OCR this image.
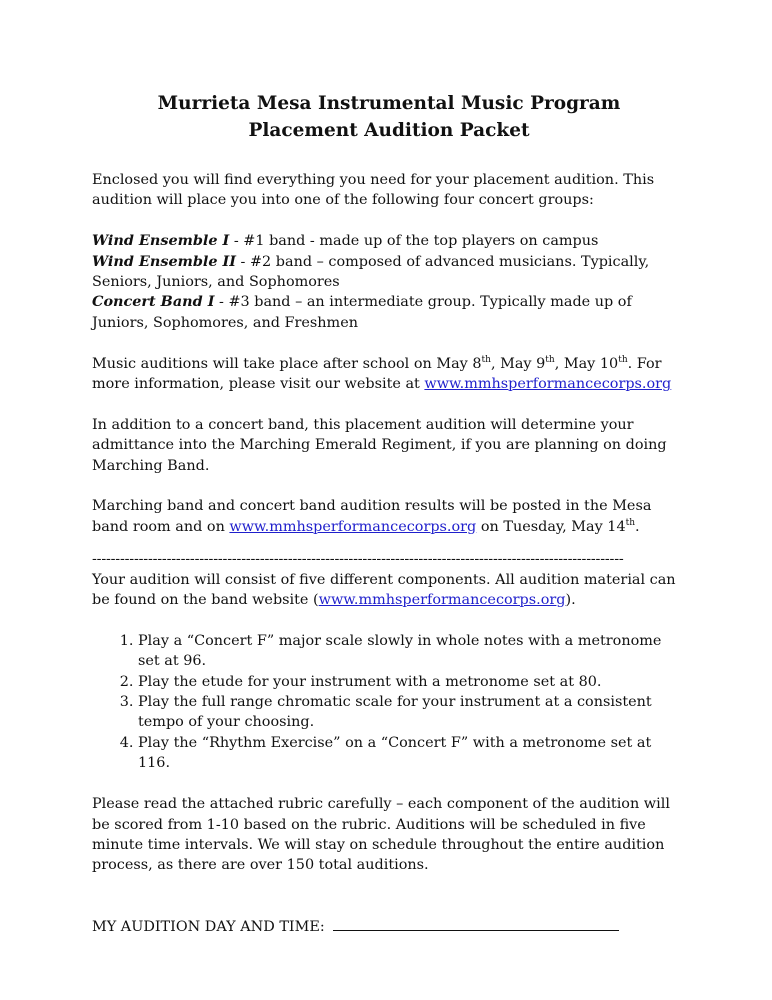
Murrieta Mesa Instrumental Music Program
Placement Audition Packet

Enclosed you will find everything you need for your placement audition. This audition will place you into one of the following four concert groups:

Wind Ensemble I - #1 band - made up of the top players on campus

Wind Ensemble II - #2 band – composed of advanced musicians. Typically, Seniors, Juniors, and Sophomores

Concert Band I - #3 band – an intermediate group. Typically made up of Juniors, Sophomores, and Freshmen

Music auditions will take place after school on May 8th, May 9th, May 10th. For more information, please visit our website at www.mmhsperformancecorps.org

In addition to a concert band, this placement audition will determine your admittance into the Marching Emerald Regiment, if you are planning on doing Marching Band.

Marching band and concert band audition results will be posted in the Mesa band room and on www.mmhsperformancecorps.org on Tuesday, May 14th.

------------------------------------------------------------------------------------------------------------------

Your audition will consist of five different components. All audition material can be found on the band website (www.mmhsperformancecorps.org).

1. Play a “Concert F” major scale slowly in whole notes with a metronome set at 96.
2. Play the etude for your instrument with a metronome set at 80.
3. Play the full range chromatic scale for your instrument at a consistent tempo of your choosing.
4. Play the “Rhythm Exercise” on a “Concert F” with a metronome set at 116.

Please read the attached rubric carefully – each component of the audition will be scored from 1-10 based on the rubric. Auditions will be scheduled in five minute time intervals. We will stay on schedule throughout the entire audition process, as there are over 150 total auditions.

MY AUDITION DAY AND TIME:
